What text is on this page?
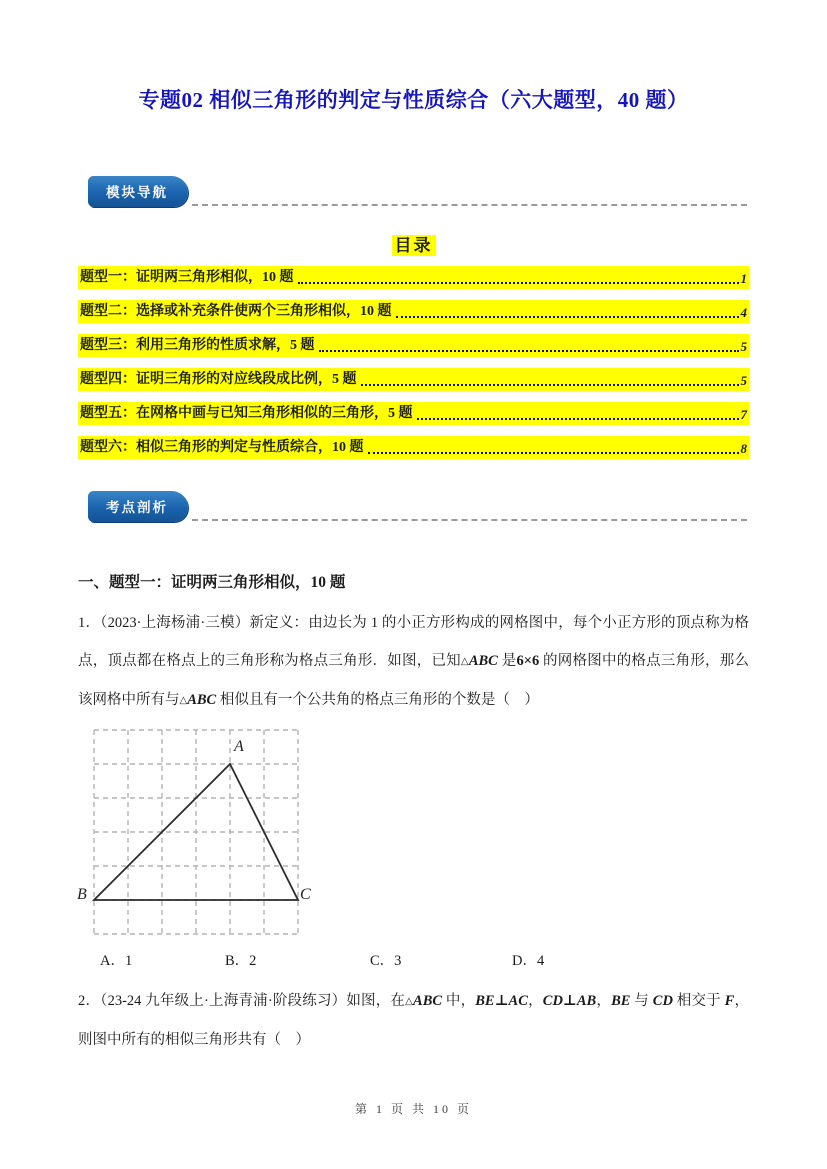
专题02 相似三角形的判定与性质综合（六大题型，40 题）
模块导航
目录
题型一：证明两三角形相似，10 题	1
题型二：选择或补充条件使两个三角形相似，10 题	4
题型三：利用三角形的性质求解，5 题	5
题型四：证明三角形的对应线段成比例，5 题	5
题型五：在网格中画与已知三角形相似的三角形，5 题	7
题型六：相似三角形的判定与性质综合，10 题	8
考点剖析
一、题型一：证明两三角形相似，10 题

1．（2023·上海杨浦·三模）新定义：由边长为 1 的小正方形构成的网格图中，每个小正方形的顶点称为格点，顶点都在格点上的三角形称为格点三角形．如图，已知△ABC 是6×6 的网格图中的格点三角形，那么该网格中所有与△ABC 相似且有一个公共角的格点三角形的个数是（　）

A
B	C
A．1	B．2	C．3	D．4

2．（23-24 九年级上·上海青浦·阶段练习）如图，在△ABC 中，BE⊥AC，CD⊥AB，BE 与 CD 相交于 F，则图中所有的相似三角形共有（　）

第 1 页 共 10 页
